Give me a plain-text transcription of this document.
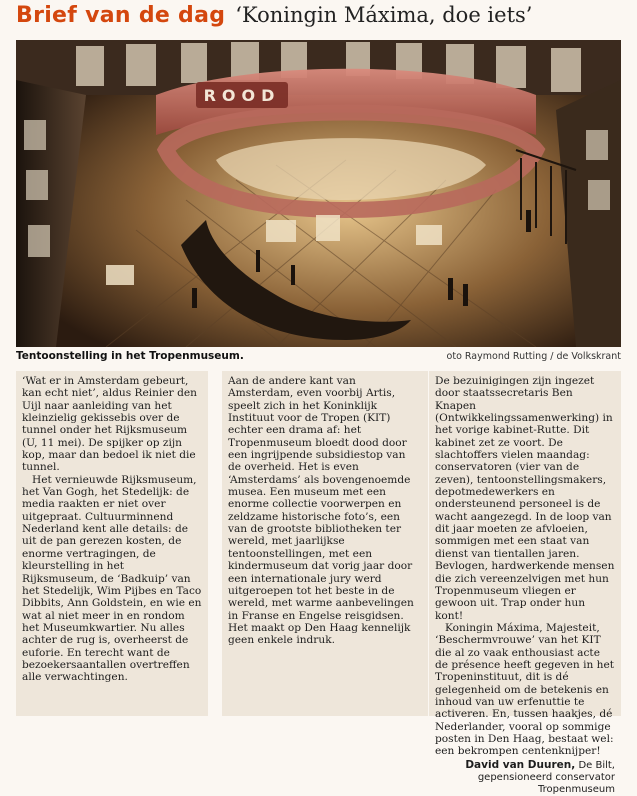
Brief van de dag ‘Koningin Máxima, doe iets’
ROOD
Tentoonstelling in het Tropenmuseum.	oto Raymond Rutting / de Volkskrant

‘Wat er in Amsterdam gebeurt, kan echt niet’, aldus Reinier den Uijl naar aanleiding van het kleinzielig gekissebis over de tunnel onder het Rijksmuseum (U, 11 mei). De spijker op zijn kop, maar dan bedoel ik niet die tunnel.

Het vernieuwde Rijksmuseum, het Van Gogh, het Stedelijk: de media raakten er niet over uitgepraat. Cultuurminnend Nederland kent alle details: de uit de pan gerezen kosten, de enorme vertragingen, de kleurstelling in het Rijksmuseum, de ‘Badkuip’ van het Stedelijk, Wim Pijbes en Taco Dibbits, Ann Goldstein, en wie en wat al niet meer in en rondom het Museumkwartier. Nu alles achter de rug is, overheerst de euforie. En terecht want de bezoekersaantallen overtreffen alle verwachtingen.

Aan de andere kant van Amsterdam, even voorbij Artis, speelt zich in het Koninklijk Instituut voor de Tropen (KIT) echter een drama af: het Tropenmuseum bloedt dood door een ingrijpende subsidiestop van de overheid. Het is even ‘Amsterdams’ als bovengenoemde musea. Een museum met een enorme collectie voorwerpen en zeldzame historische foto’s, een van de grootste bibliotheken ter wereld, met jaarlijkse tentoonstellingen, met een kindermuseum dat vorig jaar door een internationale jury werd uitgeroepen tot het beste in de wereld, met warme aanbevelingen in Franse en Engelse reisgidsen. Het maakt op Den Haag kennelijk geen enkele indruk.

De bezuinigingen zijn ingezet door staatssecretaris Ben Knapen (Ontwikkelingssamenwerking) in het vorige kabinet-Rutte. Dit kabinet zet ze voort. De slachtoffers vielen maandag: conservatoren (vier van de zeven), tentoonstellingsmakers, depotmedewerkers en ondersteunend personeel is de wacht aangezegd. In de loop van dit jaar moeten ze afvloeien, sommigen met een staat van dienst van tientallen jaren. Bevlogen, hardwerkende mensen die zich vereenzelvigen met hun Tropenmuseum vliegen er gewoon uit. Trap onder hun kont!

Koningin Máxima, Majesteit, ‘Beschermvrouwe’ van het KIT die al zo vaak enthousiast acte de présence heeft gegeven in het Tropeninstituut, dit is dé gelegenheid om de betekenis en inhoud van uw erfenuttie te activeren. En, tussen haakjes, dé Nederlander, vooral op sommige posten in Den Haag, bestaat wel: een bekrompen centenknijper!

David van Duuren, De Bilt,
gepensioneerd conservator Tropenmuseum
